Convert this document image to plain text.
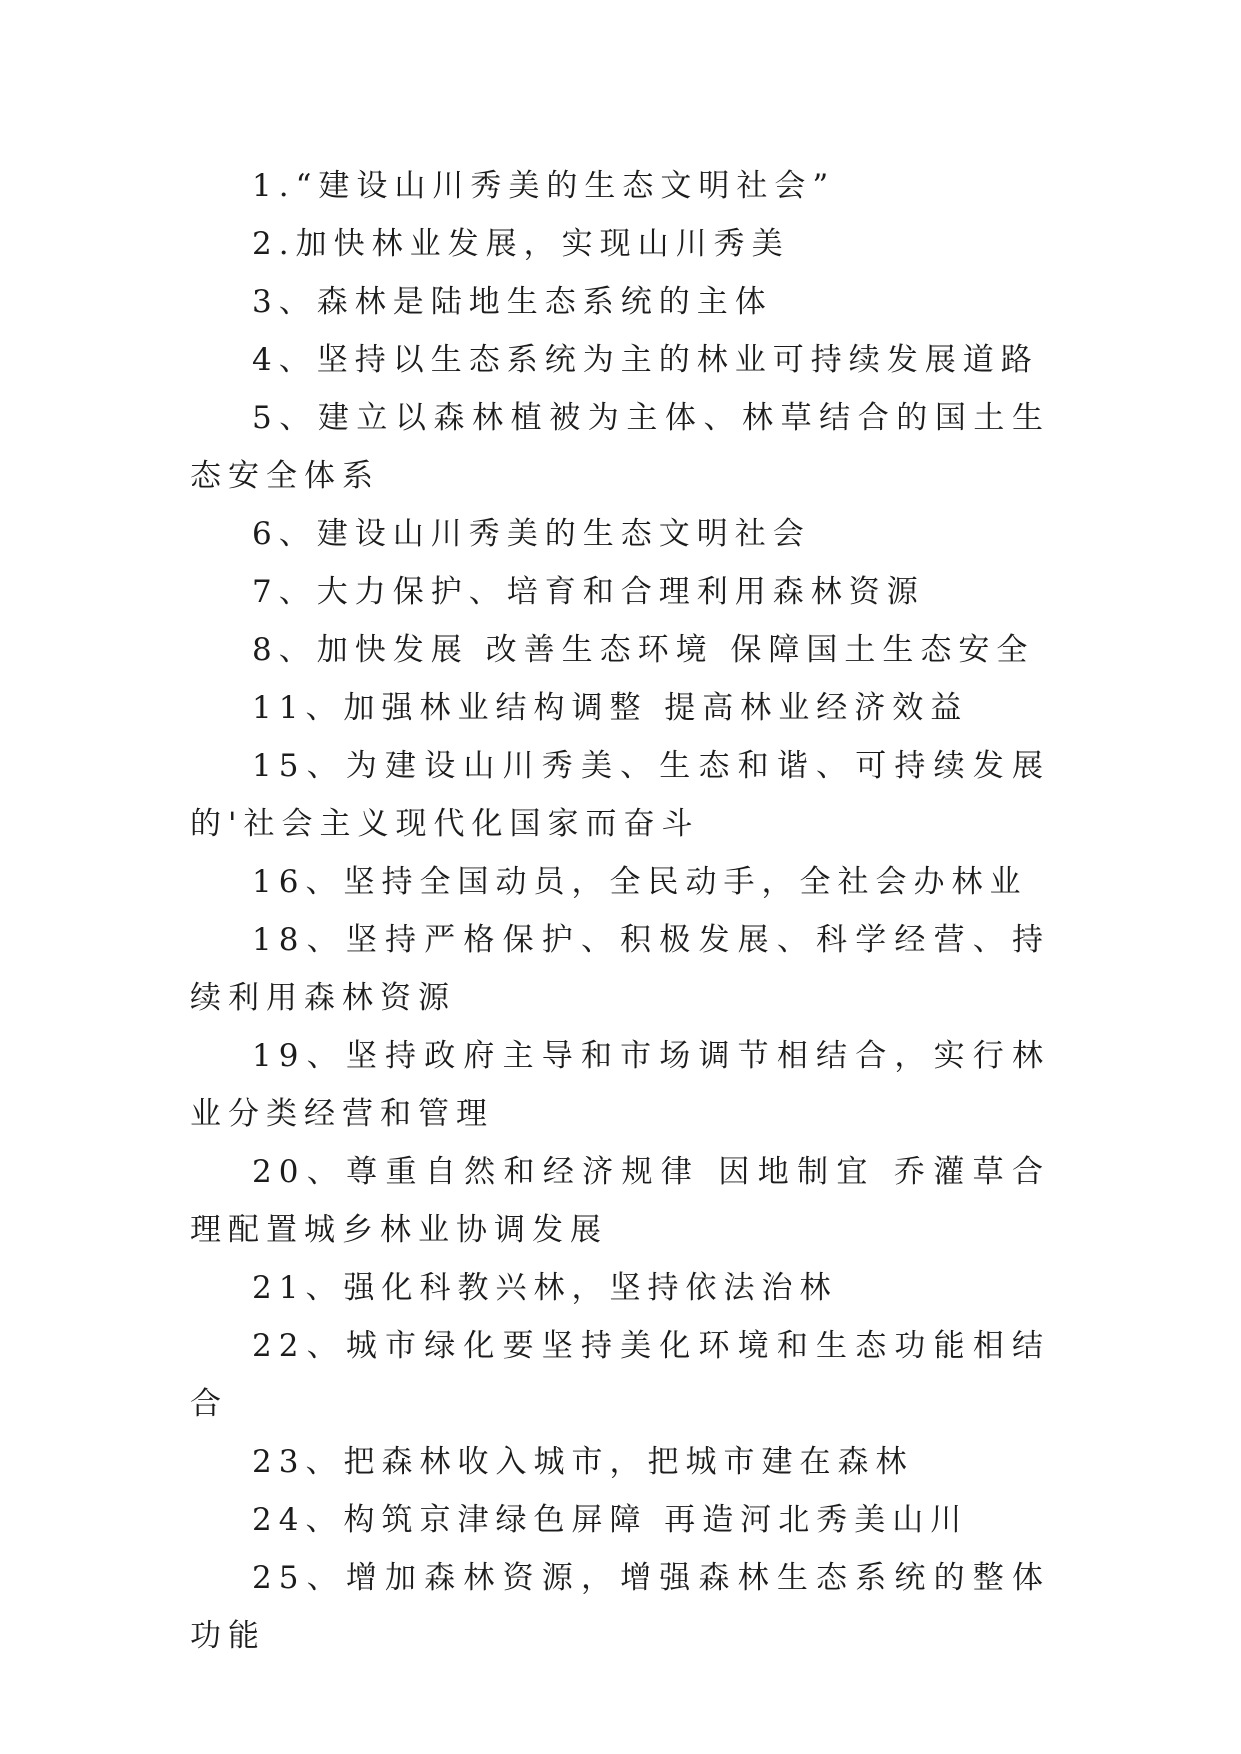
1.“建设山川秀美的生态文明社会”

2.加快林业发展，实现山川秀美

3、森林是陆地生态系统的主体

4、坚持以生态系统为主的林业可持续发展道路

5、建立以森林植被为主体、林草结合的国土生态安全体系

6、建设山川秀美的生态文明社会

7、大力保护、培育和合理利用森林资源

8、加快发展 改善生态环境 保障国土生态安全

11、加强林业结构调整 提高林业经济效益

15、为建设山川秀美、生态和谐、可持续发展的'社会主义现代化国家而奋斗

16、坚持全国动员，全民动手，全社会办林业

18、坚持严格保护、积极发展、科学经营、持续利用森林资源

19、坚持政府主导和市场调节相结合，实行林业分类经营和管理

20、尊重自然和经济规律 因地制宜 乔灌草合理配置城乡林业协调发展

21、强化科教兴林，坚持依法治林

22、城市绿化要坚持美化环境和生态功能相结合

23、把森林收入城市，把城市建在森林

24、构筑京津绿色屏障 再造河北秀美山川

25、增加森林资源，增强森林生态系统的整体功能
